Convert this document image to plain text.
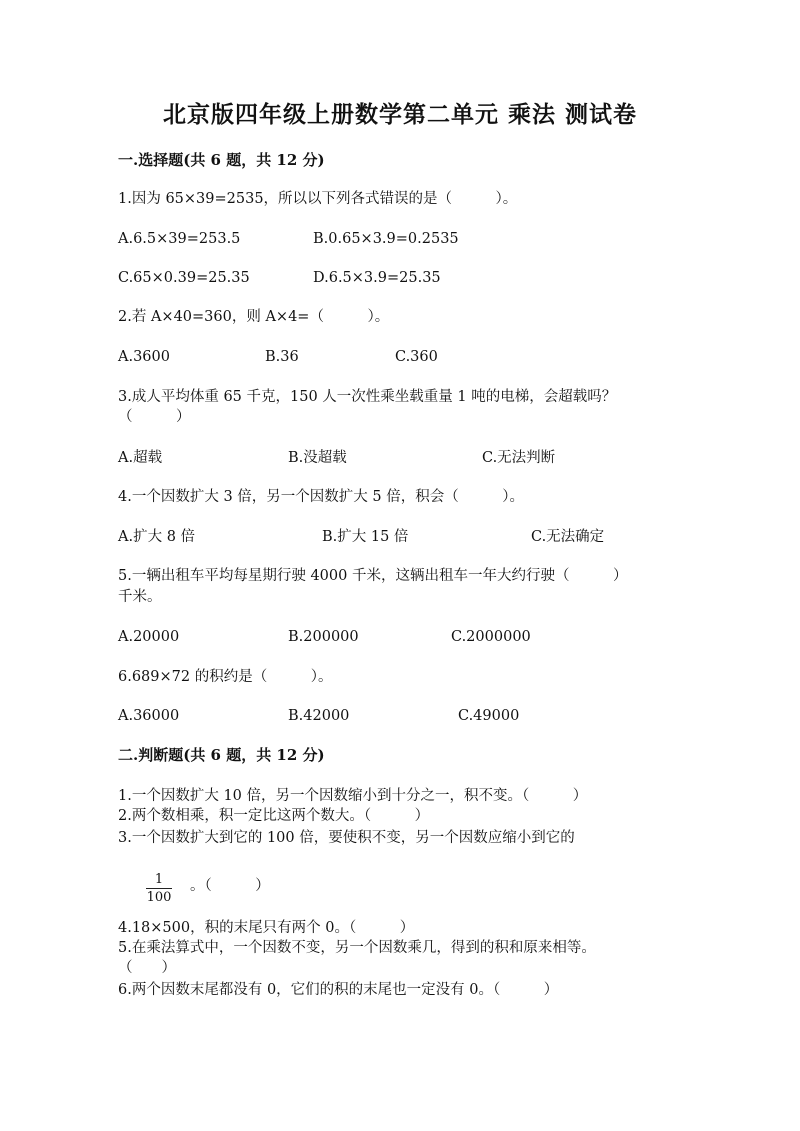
北京版四年级上册数学第二单元 乘法 测试卷
一.选择题(共 6 题，共 12 分)
1.因为 65×39=2535，所以以下列各式错误的是（　　　）。
A.6.5×39=253.5	B.0.65×3.9=0.2535
C.65×0.39=25.35	D.6.5×3.9=25.35
2.若 A×40=360，则 A×4=（　　　）。
A.3600	B.36	C.360
3.成人平均体重 65 千克，150 人一次性乘坐载重量 1 吨的电梯，会超载吗？
（　　　）
A.超载	B.没超载	C.无法判断
4.一个因数扩大 3 倍，另一个因数扩大 5 倍，积会（　　　）。
A.扩大 8 倍	B.扩大 15 倍	C.无法确定
5.一辆出租车平均每星期行驶 4000 千米，这辆出租车一年大约行驶（　　　）
千米。
A.20000	B.200000	C.2000000
6.689×72 的积约是（　　　）。
A.36000	B.42000	C.49000
二.判断题(共 6 题，共 12 分)
1.一个因数扩大 10 倍，另一个因数缩小到十分之一，积不变。（　　　）
2.两个数相乘，积一定比这两个数大。（　　　）
3.一个因数扩大到它的 100 倍，要使积不变，另一个因数应缩小到它的
$\frac{1}{100}$ 。（　　　）
4.18×500，积的末尾只有两个 0。（　　　）
5.在乘法算式中，一个因数不变，另一个因数乘几，得到的积和原来相等。
（　　）
6.两个因数末尾都没有 0，它们的积的末尾也一定没有 0。（　　　）
